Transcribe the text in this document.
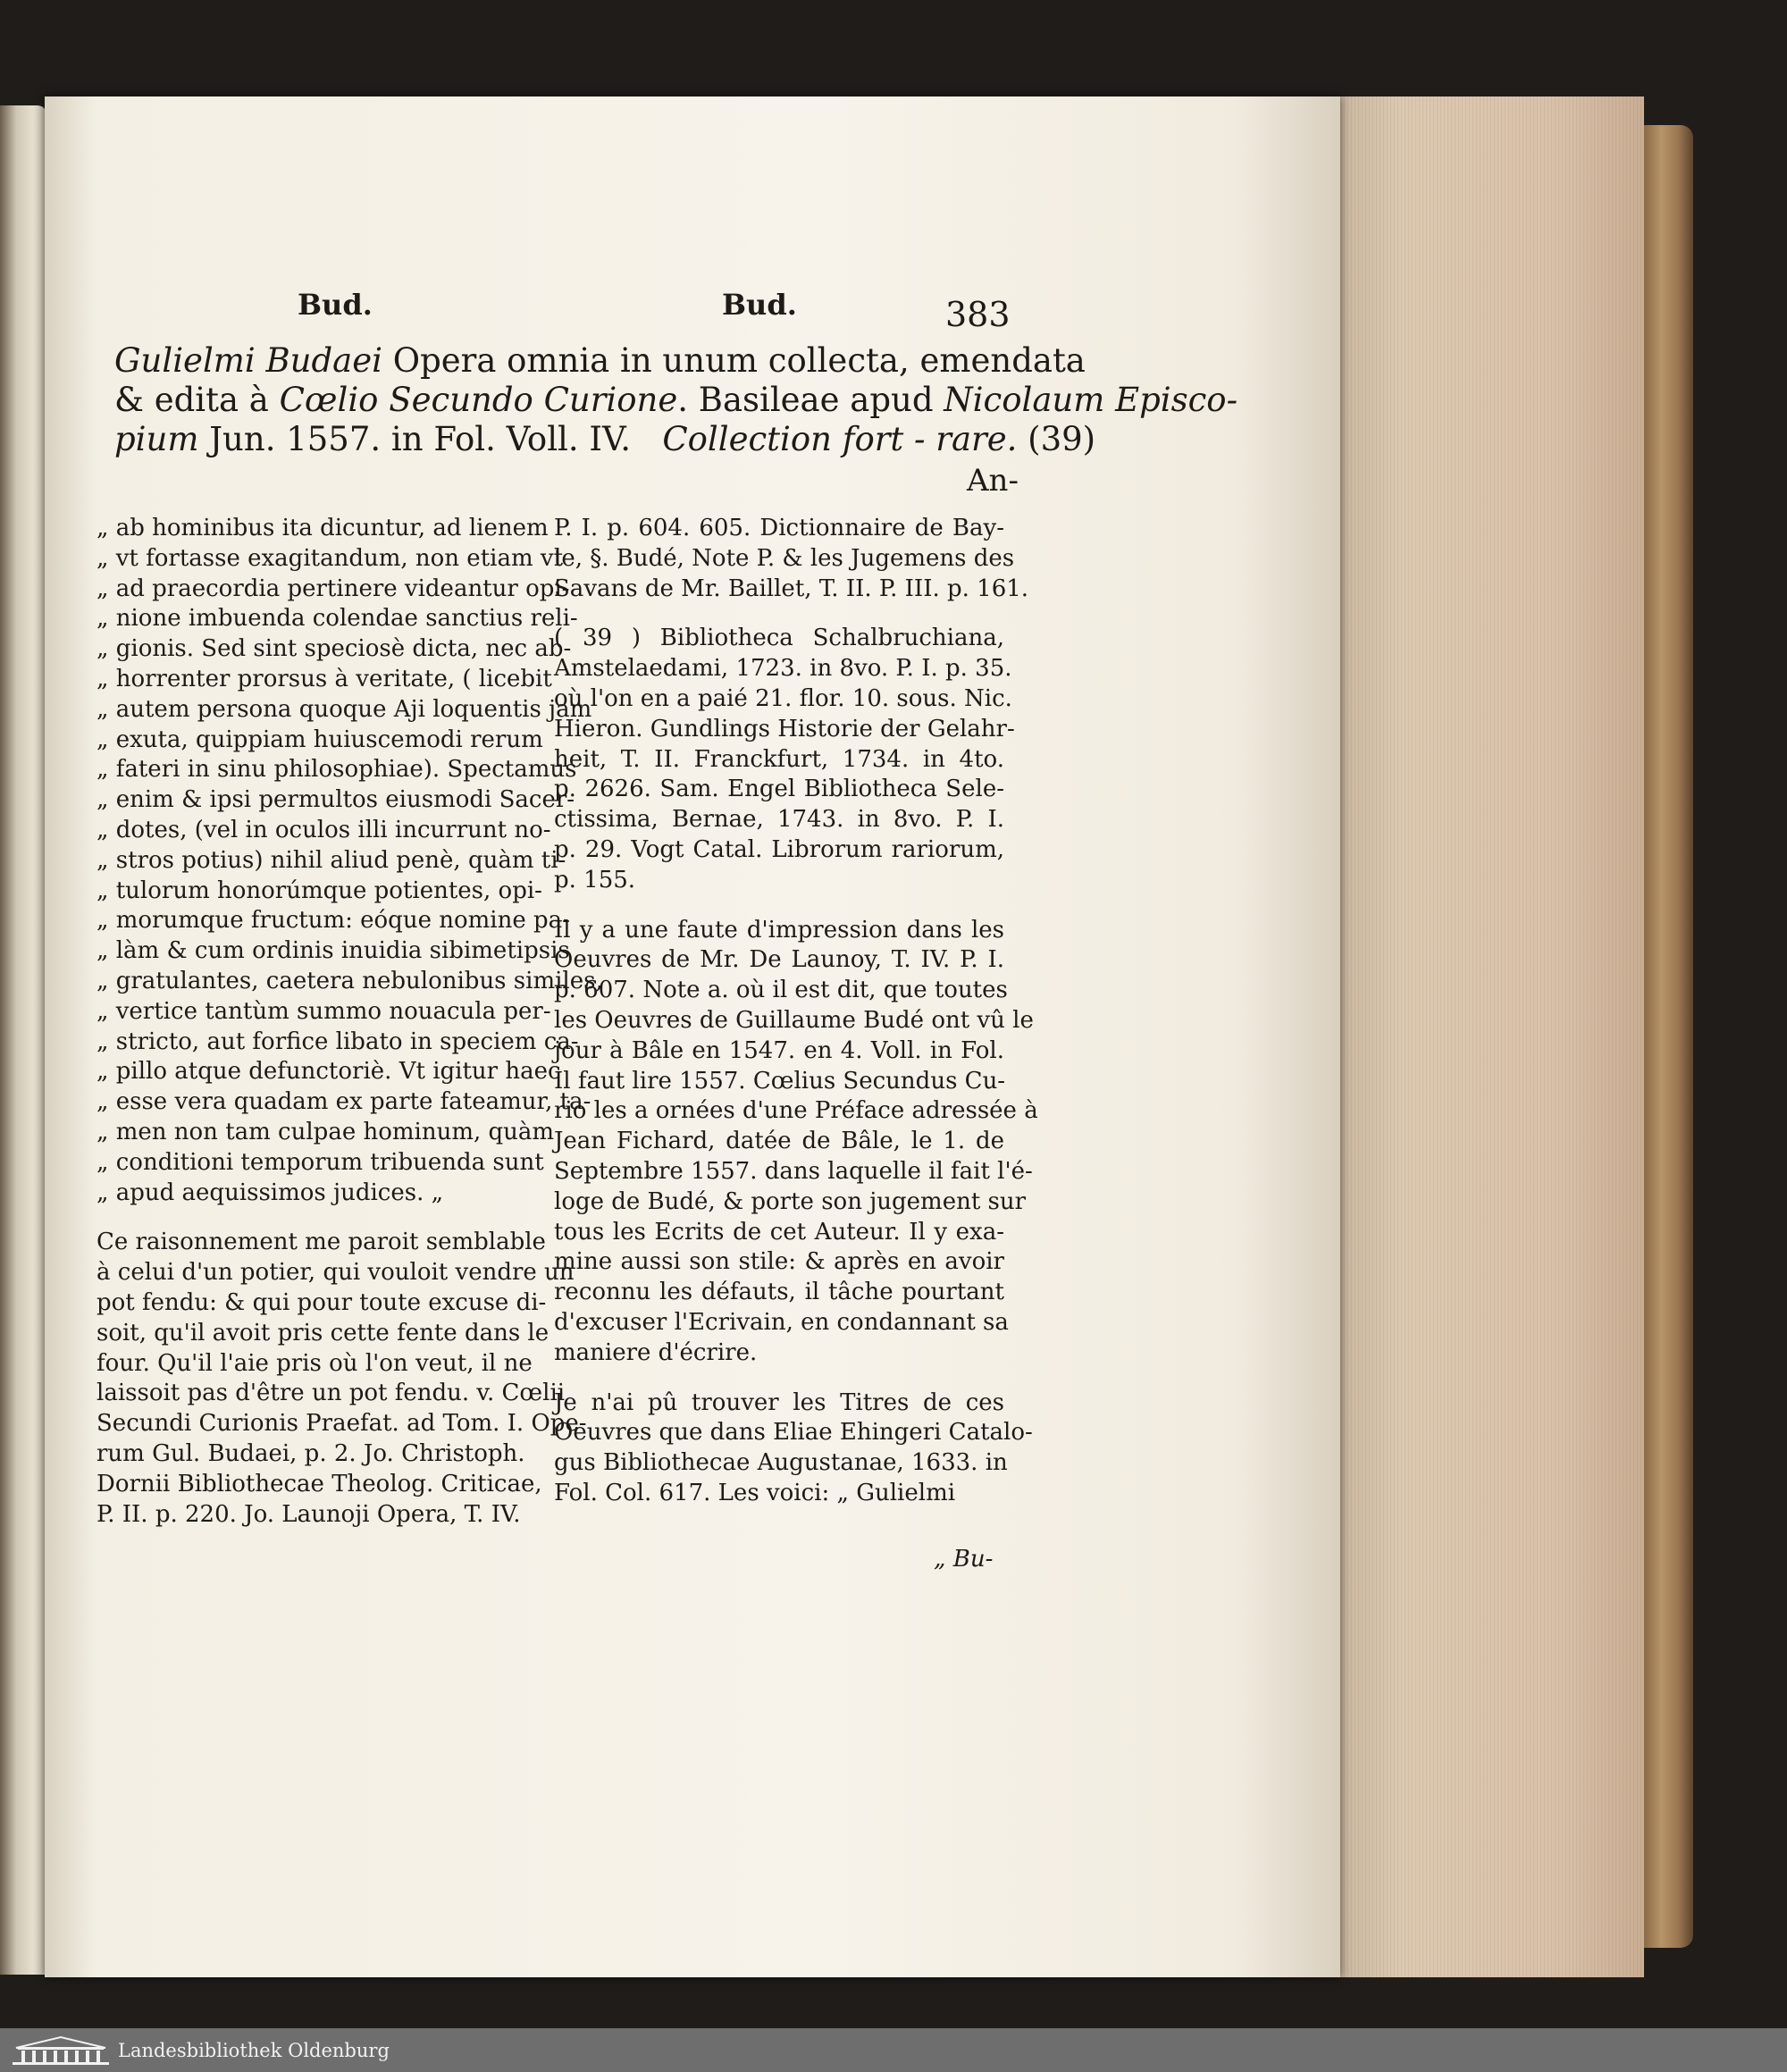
Bud.	Bud.	383
Gulielmi Budaei Opera omnia in unum collecta, emendata
& edita à Cœlio Secundo Curione. Basileae apud Nicolaum Episco-
pium Jun. 1557. in Fol. Voll. IV.   Collection fort - rare.
An-
„ ab hominibus ita dicuntur, ad lienem
„ vt fortasse exagitandum, non etiam vt
„ ad praecordia pertinere videantur opi-
„ nione imbuenda colendae sanctius reli-
„ gionis. Sed sint speciosè dicta, nec ab-
„ horrenter prorsus à veritate, ( licebit
„ autem persona quoque Aji loquentis jam
„ exuta, quippiam huiuscemodi rerum
„ fateri in sinu philosophiae). Spectamus
„ enim & ipsi permultos eiusmodi Sacer-
„ dotes, (vel in oculos illi incurrunt no-
„ stros potius) nihil aliud penè, quàm ti-
„ tulorum honorúmque potientes, opi-
„ morumque fructum: eóque nomine pa-
„ làm & cum ordinis inuidia sibimetipsis
„ gratulantes, caetera nebulonibus similes,
„ vertice tantùm summo nouacula per-
„ stricto, aut forfice libato in speciem ca-
„ pillo atque defunctoriè. Vt igitur haec
„ esse vera quadam ex parte fateamur, ta-
„ men non tam culpae hominum, quàm
„ conditioni temporum tribuenda sunt
„ apud aequissimos judices. „
Ce raisonnement me paroit semblable
à celui d'un potier, qui vouloit vendre un
pot fendu: & qui pour toute excuse di-
soit, qu'il avoit pris cette fente dans le
four. Qu'il l'aie pris où l'on veut, il ne
laissoit pas d'être un pot fendu. v. Cœlii
Secundi Curionis Praefat. ad Tom. I. Ope-
rum Gul. Budaei, p. 2. Jo. Christoph.
Dornii Bibliothecae Theolog. Criticae,
P. II. p. 220. Jo. Launoji Opera, T. IV.
P. I. p. 604. 605. Dictionnaire de Bay-
le, §. Budé, Note P. & les Jugemens des
Savans de Mr. Baillet, T. II. P. III. p. 161.
( 39 ) Bibliotheca Schalbruchiana,
Amstelaedami, 1723. in 8vo. P. I. p. 35.
où l'on en a paié 21. flor. 10. sous. Nic.
Hieron. Gundlings Historie der Gelahr-
heit, T. II. Franckfurt, 1734. in 4to.
p. 2626. Sam. Engel Bibliotheca Sele-
ctissima, Bernae, 1743. in 8vo. P. I.
p. 29. Vogt Catal. Librorum rariorum,
p. 155.
Il y a une faute d'impression dans les
Oeuvres de Mr. De Launoy, T. IV. P. I.
p. 607. Note a. où il est dit, que toutes
les Oeuvres de Guillaume Budé ont vû le
jour à Bâle en 1547. en 4. Voll. in Fol.
Il faut lire 1557. Cœlius Secundus Cu-
rio les a ornées d'une Préface adressée à
Jean Fichard, datée de Bâle, le 1. de
Septembre 1557. dans laquelle il fait l'é-
loge de Budé, & porte son jugement sur
tous les Ecrits de cet Auteur. Il y exa-
mine aussi son stile: & après en avoir
reconnu les défauts, il tâche pourtant
d'excuser l'Ecrivain, en condannant sa
maniere d'écrire.
Je n'ai pû trouver les Titres de ces
Oeuvres que dans Eliae Ehingeri Catalo-
gus Bibliothecae Augustanae, 1633. in
Fol. Col. 617. Les voici: „ Gulielmi
„ Bu-
Landesbibliothek Oldenburg
